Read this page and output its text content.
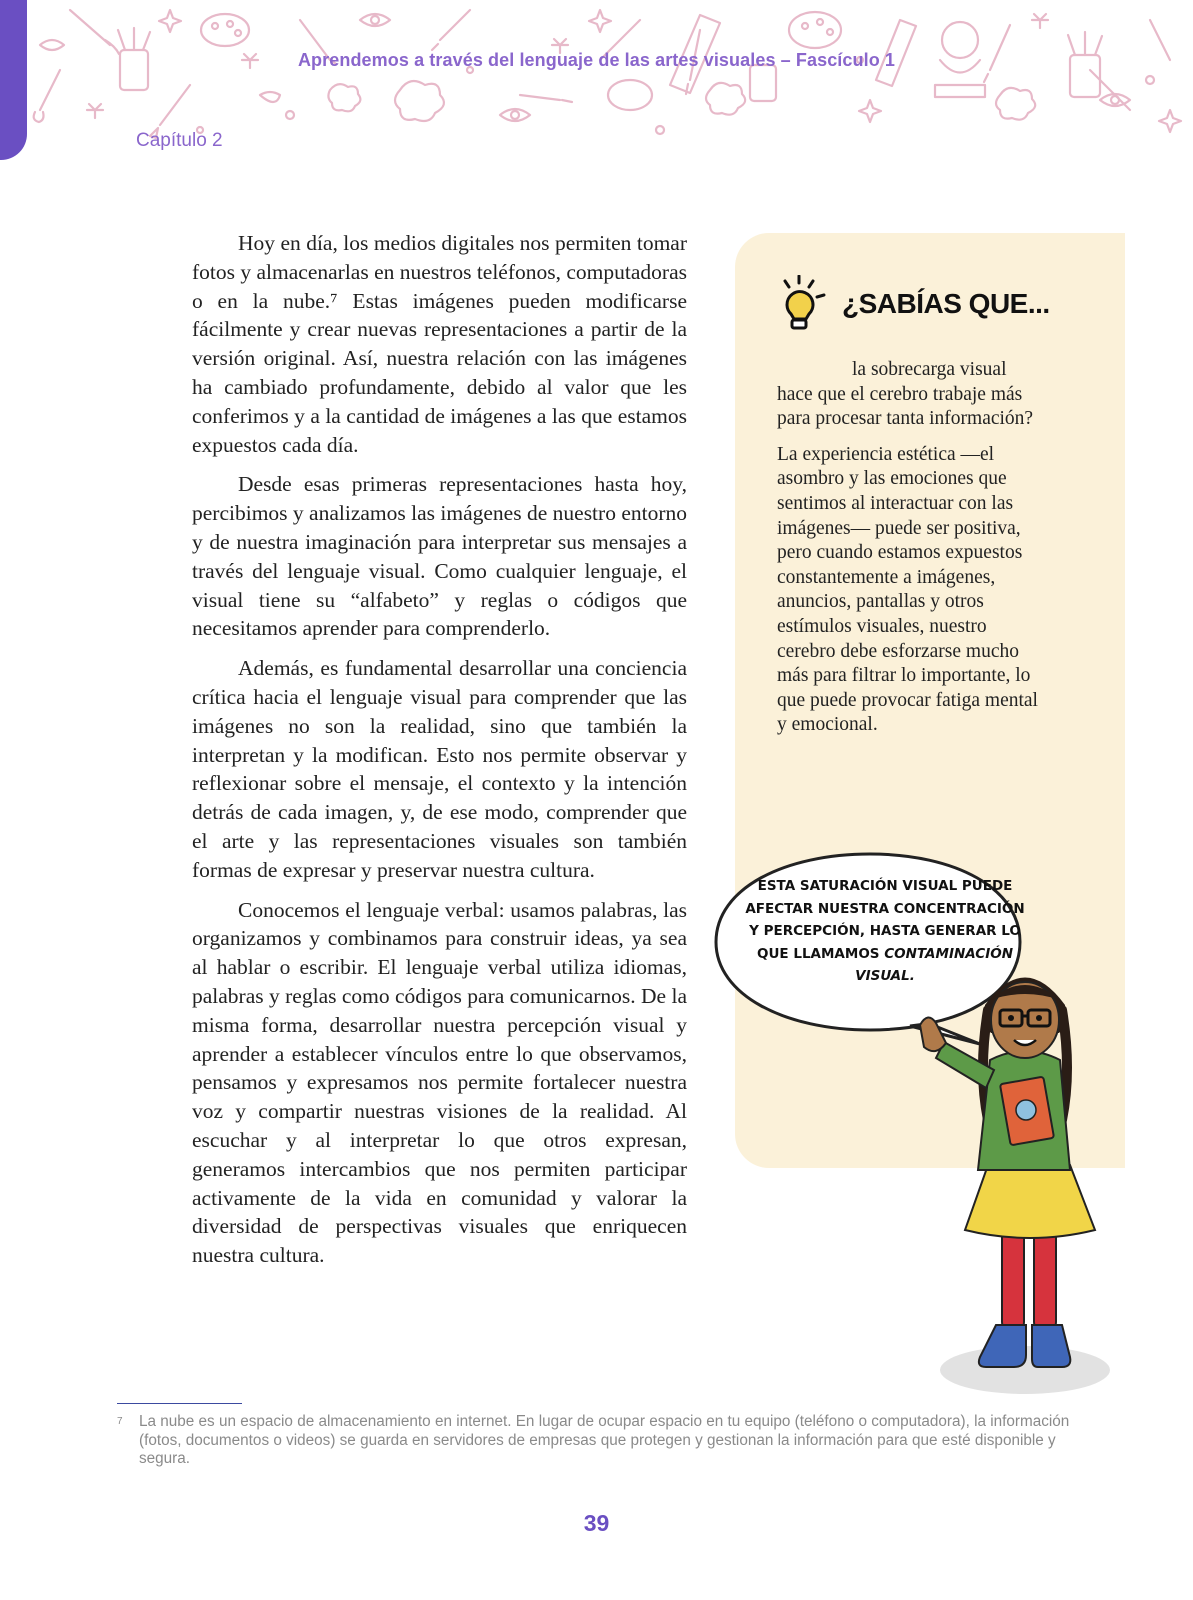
Aprendemos a través del lenguaje de las artes visuales – Fascículo 1
Capítulo 2

Hoy en día, los medios digitales nos permiten tomar fotos y almacenarlas en nuestros teléfonos, computadoras o en la nube.⁷ Estas imágenes pueden modificarse fácilmente y crear nuevas representaciones a partir de la versión original. Así, nuestra relación con las imágenes ha cambiado profundamente, debido al valor que les conferimos y a la cantidad de imágenes a las que estamos expuestos cada día.

Desde esas primeras representaciones hasta hoy, percibimos y analizamos las imágenes de nuestro entorno y de nuestra imaginación para interpretar sus mensajes a través del lenguaje visual. Como cualquier lenguaje, el visual tiene su “alfabeto” y reglas o códigos que necesitamos aprender para comprenderlo.

Además, es fundamental desarrollar una conciencia crítica hacia el lenguaje visual para comprender que las imágenes no son la realidad, sino que también la interpretan y la modifican. Esto nos permite observar y reflexionar sobre el mensaje, el contexto y la intención detrás de cada imagen, y, de ese modo, comprender que el arte y las representaciones visuales son también formas de expresar y preservar nuestra cultura.

Conocemos el lenguaje verbal: usamos palabras, las organizamos y combinamos para construir ideas, ya sea al hablar o escribir. El lenguaje verbal utiliza idiomas, palabras y reglas como códigos para comunicarnos. De la misma forma, desarrollar nuestra percepción visual y aprender a establecer vínculos entre lo que observamos, pensamos y expresamos nos permite fortalecer nuestra voz y compartir nuestras visiones de la realidad. Al escuchar y al interpretar lo que otros expresan, generamos intercambios que nos permiten participar activamente de la vida en comunidad y valorar la diversidad de perspectivas visuales que enriquecen nuestra cultura.

¿SABÍAS QUE...

la sobrecarga visual hace que el cerebro trabaje más para procesar tanta información?

La experiencia estética —el asombro y las emociones que sentimos al interactuar con las imágenes— puede ser positiva, pero cuando estamos expuestos constantemente a imágenes, anuncios, pantallas y otros estímulos visuales, nuestro cerebro debe esforzarse mucho más para filtrar lo importante, lo que puede provocar fatiga mental y emocional.

ESTA SATURACIÓN VISUAL PUEDE AFECTAR NUESTRA CONCENTRACIÓN Y PERCEPCIÓN, HASTA GENERAR LO QUE LLAMAMOS CONTAMINACIÓN VISUAL.
7 La nube es un espacio de almacenamiento en internet. En lugar de ocupar espacio en tu equipo (teléfono o computadora), la información (fotos, documentos o videos) se guarda en servidores de empresas que protegen y gestionan la información para que esté disponible y segura.
39
